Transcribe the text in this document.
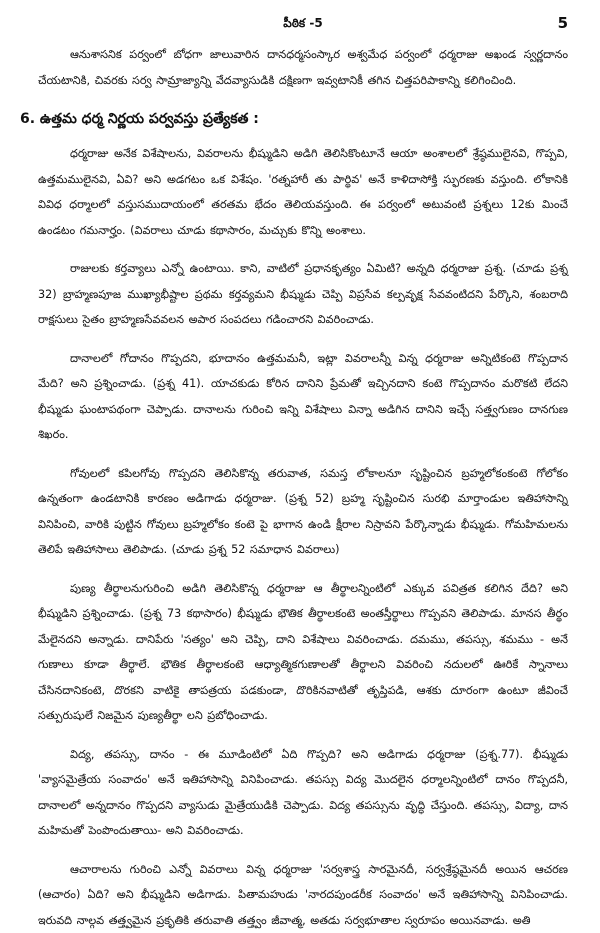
పీఠిక -5	5

ఆనుశాసనిక పర్వంలో బోధగా జాలువారిన దానధర్మసంస్కార అశ్వమేధ పర్వంలో ధర్మరాజు అఖండ స్వర్ణదానం చేయటానికి, చివరకు సర్వ సామ్రాజ్యాన్ని వేదవ్యాసుడికి దక్షిణగా ఇవ్వటానికీ తగిన చిత్తపరిపాకాన్ని కలిగించింది.

6. ఉత్తమ ధర్మ నిర్ణయ పర్వవస్తు ప్రత్యేకత :

ధర్మరాజు అనేక విశేషాలను, వివరాలను భీష్ముడిని అడిగి తెలిసికొంటూనే ఆయా అంశాలలో శ్రేష్ఠములైనవి, గొప్పవి, ఉత్తమములైనవి, ఏవి? అని అడగటం ఒక విశేషం. 'రత్నహారీ తు పార్థివ' అనే కాళిదాసోక్తి స్ఫురణకు వస్తుంది. లోకానికి వివిధ ధర్మాలలో వస్తుసముదాయంలో తరతమ భేదం తెలియవస్తుంది. ఈ పర్వంలో అటువంటి ప్రశ్నలు 12కు మించే ఉండటం గమనార్హం. (వివరాలు చూడు కథాసారం, మచ్చుకు కొన్ని అంశాలు.

రాజులకు కర్తవ్యాలు ఎన్నో ఉంటాయి. కాని, వాటిలో ప్రధానకృత్యం ఏమిటి? అన్నది ధర్మరాజు ప్రశ్న. (చూడు ప్రశ్న 32) బ్రాహ్మణపూజ ముఖ్యాభీష్టాల ప్రథమ కర్తవ్యమని భీష్ముడు చెప్పి విప్రసేవ కల్పవృక్ష సేవవంటిదని పేర్కొని, శంబరాది రాక్షసులు సైతం బ్రాహ్మణసేవవలన అపార సంపదలు గడించారని వివరించాడు.

దానాలలో గోదానం గొప్పదని, భూదానం ఉత్తమమనీ, ఇట్లా వివరాలన్నీ విన్న ధర్మరాజు అన్నిటికంటె గొప్పదాన మేది? అని ప్రశ్నించాడు. (ప్రశ్న 41). యాచకుడు కోరిన దానిని ప్రేమతో ఇచ్చినదాని కంటె గొప్పదానం మరొకటి లేదని భీష్ముడు ఘంటాపథంగా చెప్పాడు. దానాలను గురించి ఇన్ని విశేషాలు విన్నా అడిగిన దానిని ఇచ్చే సత్త్వగుణం దానగుణ శిఖరం.

గోవులలో కపిలగోవు గొప్పదని తెలిసికొన్న తరువాత, సమస్త లోకాలనూ సృష్టించిన బ్రహ్మలోకంకంటె గోలోకం ఉన్నతంగా ఉండటానికి కారణం అడిగాడు ధర్మరాజు. (ప్రశ్న 52) బ్రహ్మ సృష్టించిన సురభి మార్తాండుల ఇతిహాసాన్ని వినిపించి, వారికి పుట్టిన గోవులు బ్రహ్మలోకం కంటె పై భాగాన ఉండి క్షీరాల నిస్రావని పేర్కొన్నాడు భీష్ముడు. గోమహిమలను తెలిపే ఇతిహాసాలు తెలిపాడు. (చూడు ప్రశ్న 52 సమాధాన వివరాలు)

పుణ్య తీర్థాలనుగురించి అడిగి తెలిసికొన్న ధర్మరాజు ఆ తీర్థాలన్నింటిలో ఎక్కువ పవిత్రత కలిగిన దేది? అని భీష్ముడిని ప్రశ్నించాడు. (ప్రశ్న 73 కథాసారం) భీష్ముడు భౌతిక తీర్థాలకంటె అంతస్తీర్థాలు గొప్పవని తెలిపాడు. మానస తీర్థం మేలైనదని అన్నాడు. దానిపేరు 'సత్యం' అని చెప్పి, దాని విశేషాలు వివరించాడు. దమము, తపస్సు, శమము - అనే గుణాలు కూడా తీర్థాలే. భౌతిక తీర్థాలకంటె ఆధ్యాత్మికగుణాలతో తీర్థాలని వివరించి నదులలో ఊరికే స్నానాలు చేసినదానికంటె, దొరకని వాటికై తాపత్రయ పడకుండా, దొరికినవాటితో తృప్తిపడి, ఆశకు దూరంగా ఉంటూ జీవించే సత్పురుషులే నిజమైన పుణ్యతీర్థా లని ప్రబోధించాడు.

విద్య, తపస్సు, దానం - ఈ మూడింటిలో ఏది గొప్పది? అని అడిగాడు ధర్మరాజు (ప్రశ్న.77). భీష్ముడు 'వ్యాసమైత్రేయ సంవాదం' అనే ఇతిహాసాన్ని వినిపించాడు. తపస్సు విద్య మొదలైన ధర్మాలన్నింటిలో దానం గొప్పదనీ, దానాలలో అన్నదానం గొప్పదని వ్యాసుడు మైత్రేయుడికి చెప్పాడు. విద్య తపస్సును వృద్ధి చేస్తుంది. తపస్సు, విద్యా, దాన మహిమతో పెంపొందుతాయి- అని వివరించాడు.

ఆచారాలను గురించి ఎన్నో వివరాలు విన్న ధర్మరాజు 'సర్వశాస్త్ర సారమైనదీ, సర్వశ్రేష్ఠమైనదీ అయిన ఆచరణ (ఆచారం) ఏది? అని భీష్ముడిని అడిగాడు. పితామహుడు 'నారదపుండరీక సంవాదం' అనే ఇతిహాసాన్ని వినిపించాడు. ఇరువది నాల్గవ తత్త్వమైన ప్రకృతికి తరువాతి తత్త్వం జీవాత్మ, అతడు సర్వభూతాల స్వరూపం అయినవాడు. అతి
